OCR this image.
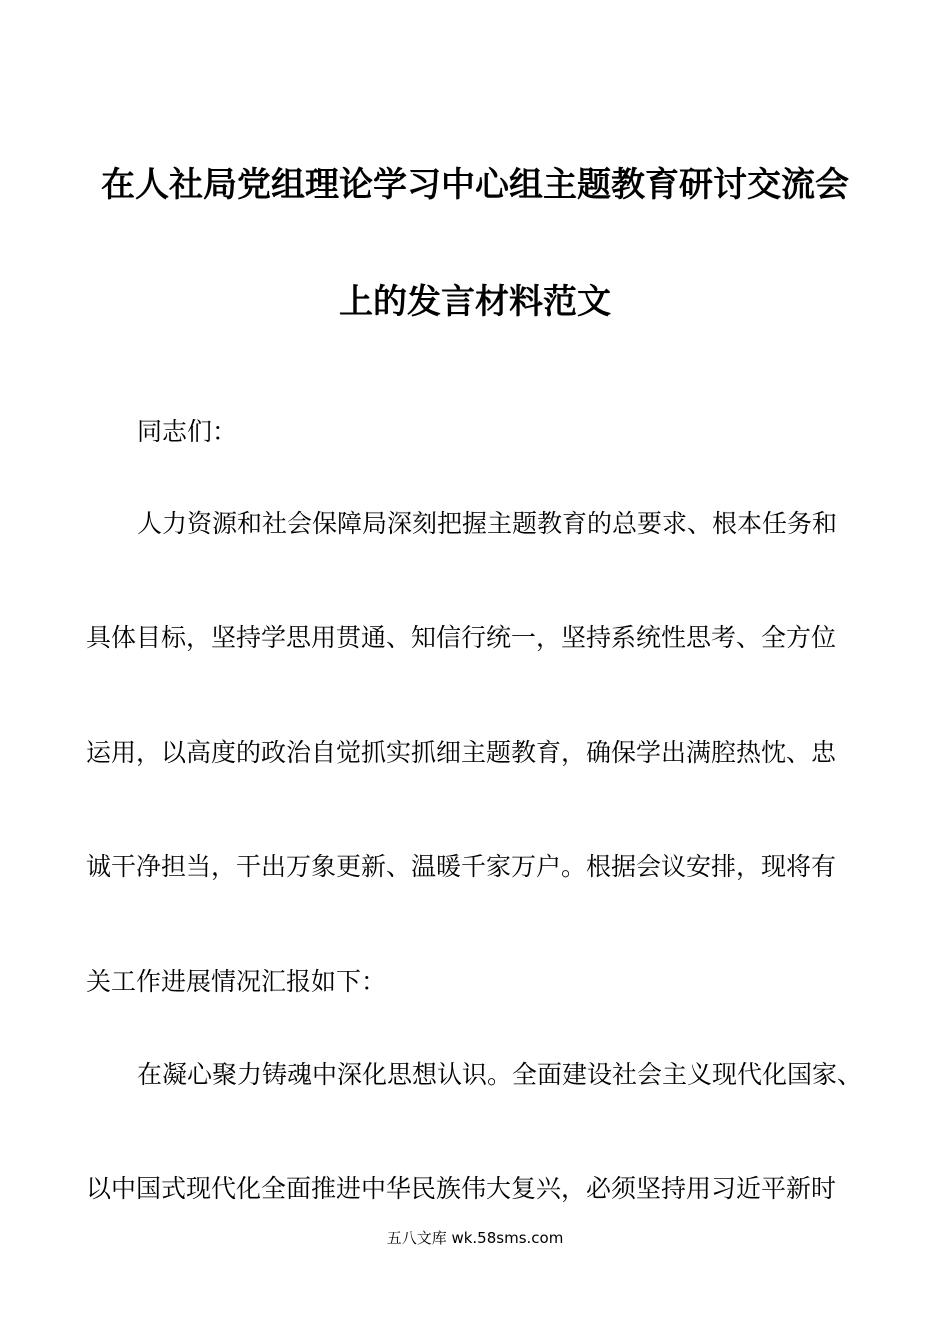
在人社局党组理论学习中心组主题教育研讨交流会
上的发言材料范文
同志们：
人力资源和社会保障局深刻把握主题教育的总要求、根本任务和
具体目标，坚持学思用贯通、知信行统一，坚持系统性思考、全方位
运用，以高度的政治自觉抓实抓细主题教育，确保学出满腔热忱、忠
诚干净担当，干出万象更新、温暖千家万户。根据会议安排，现将有
关工作进展情况汇报如下：
在凝心聚力铸魂中深化思想认识。全面建设社会主义现代化国家、
以中国式现代化全面推进中华民族伟大复兴，必须坚持用习近平新时
五八文库 wk.58sms.com
